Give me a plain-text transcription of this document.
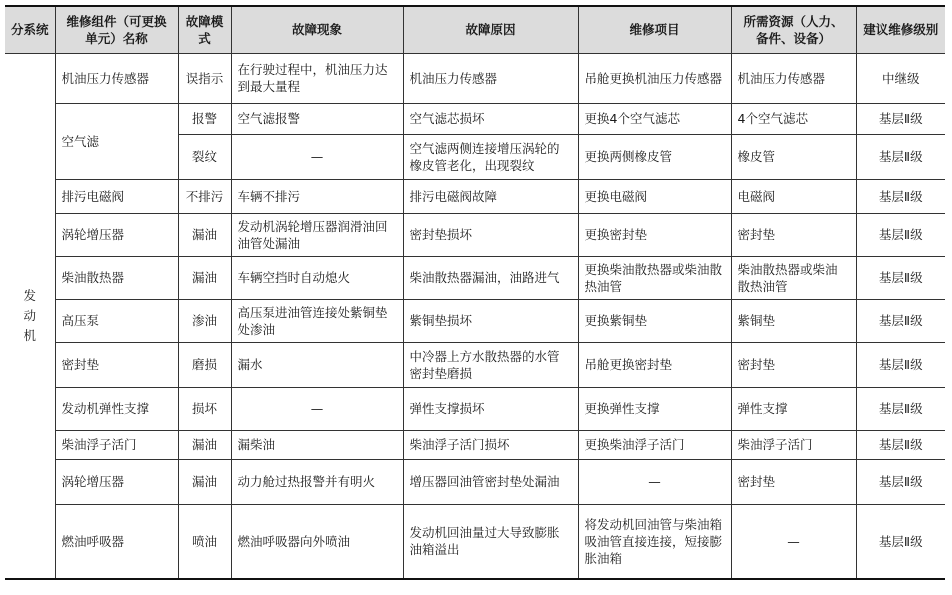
分系统	维修组件（可更换单元）名称	故障模式	故障现象	故障原因	维修项目	所需资源（人力、备件、设备）	建议维修级别
发动机	机油压力传感器	误指示	在行驶过程中，机油压力达到最大量程	机油压力传感器	吊舱更换机油压力传感器	机油压力传感器	中继级
	空气滤	报警	空气滤报警	空气滤芯损坏	更换4个空气滤芯	4个空气滤芯	基层Ⅱ级
		裂纹	—	空气滤两侧连接增压涡轮的橡皮管老化，出现裂纹	更换两侧橡皮管	橡皮管	基层Ⅱ级
	排污电磁阀	不排污	车辆不排污	排污电磁阀故障	更换电磁阀	电磁阀	基层Ⅱ级
	涡轮增压器	漏油	发动机涡轮增压器润滑油回油管处漏油	密封垫损坏	更换密封垫	密封垫	基层Ⅱ级
	柴油散热器	漏油	车辆空挡时自动熄火	柴油散热器漏油，油路进气	更换柴油散热器或柴油散热油管	柴油散热器或柴油散热油管	基层Ⅱ级
	高压泵	渗油	高压泵进油管连接处紫铜垫处渗油	紫铜垫损坏	更换紫铜垫	紫铜垫	基层Ⅱ级
	密封垫	磨损	漏水	中冷器上方水散热器的水管密封垫磨损	吊舱更换密封垫	密封垫	基层Ⅱ级
	发动机弹性支撑	损坏	—	弹性支撑损坏	更换弹性支撑	弹性支撑	基层Ⅱ级
	柴油浮子活门	漏油	漏柴油	柴油浮子活门损坏	更换柴油浮子活门	柴油浮子活门	基层Ⅱ级
	涡轮增压器	漏油	动力舱过热报警并有明火	增压器回油管密封垫处漏油	—	密封垫	基层Ⅱ级
	燃油呼吸器	喷油	燃油呼吸器向外喷油	发动机回油量过大导致膨胀油箱溢出	将发动机回油管与柴油箱吸油管直接连接，短接膨胀油箱	—	基层Ⅱ级
